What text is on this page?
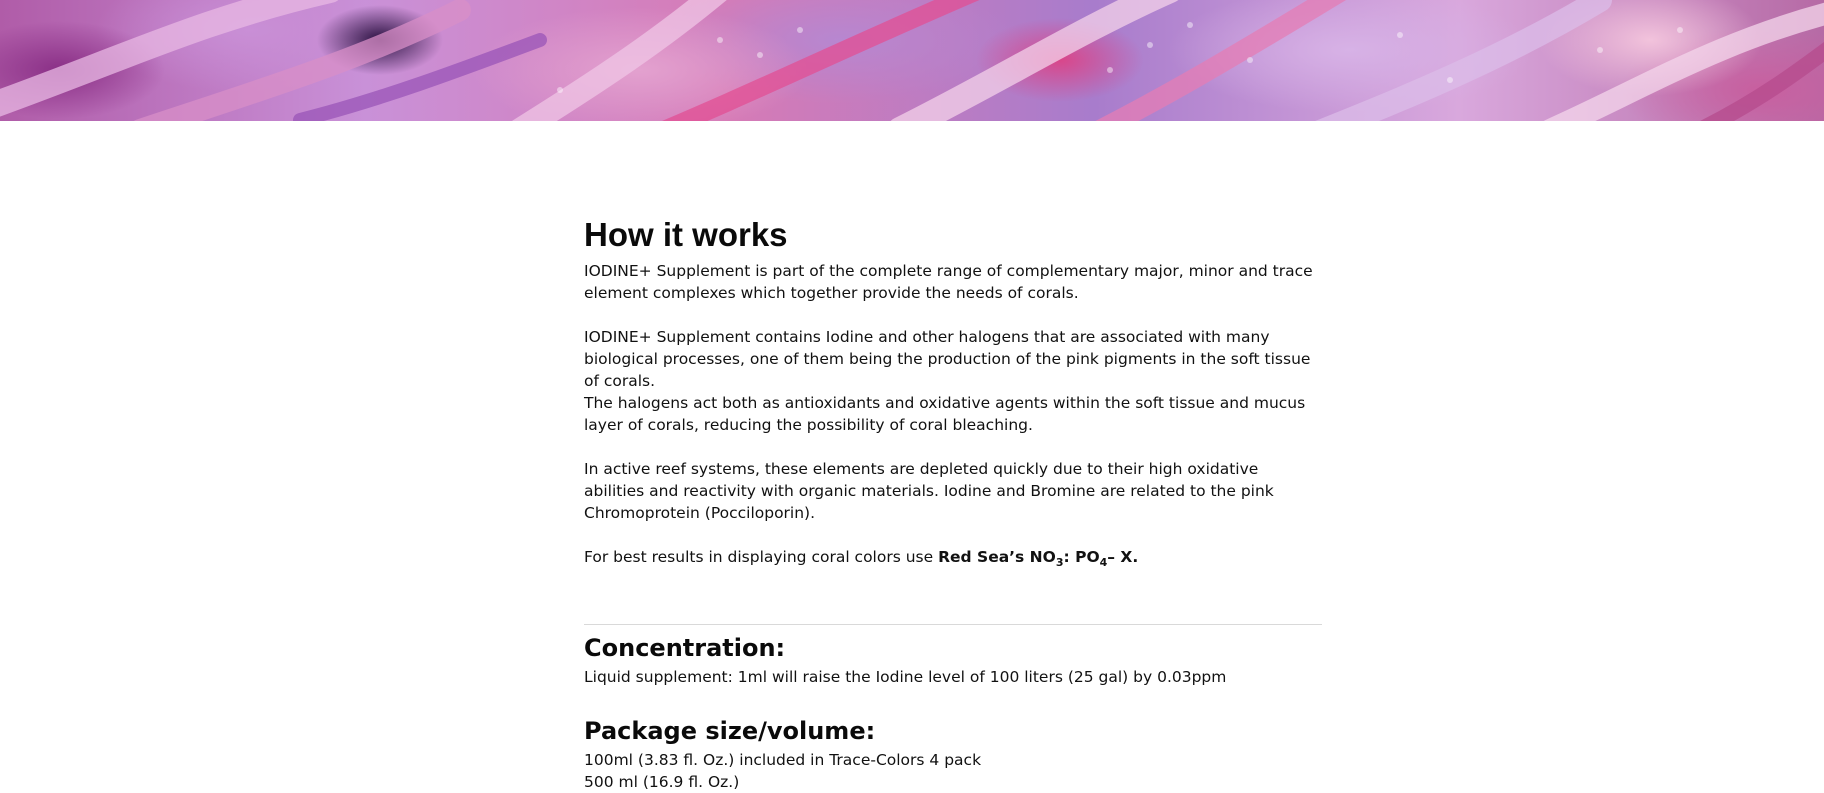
How it works

IODINE+ Supplement is part of the complete range of complementary major, minor and trace element complexes which together provide the needs of corals.

IODINE+ Supplement contains Iodine and other halogens that are associated with many biological processes, one of them being the production of the pink pigments in the soft tissue of corals.

The halogens act both as antioxidants and oxidative agents within the soft tissue and mucus layer of corals, reducing the possibility of coral bleaching.

In active reef systems, these elements are depleted quickly due to their high oxidative abilities and reactivity with organic materials. Iodine and Bromine are related to the pink Chromoprotein (Pocciloporin).

For best results in displaying coral colors use Red Sea’s $NO_3$: $PO_4-$ X.

Concentration:

Liquid supplement: 1ml will raise the Iodine level of 100 liters (25 gal) by 0.03ppm

Package size/volume:

100ml (3.83 fl. Oz.) included in Trace-Colors 4 pack

500 ml (16.9 fl. Oz.)
